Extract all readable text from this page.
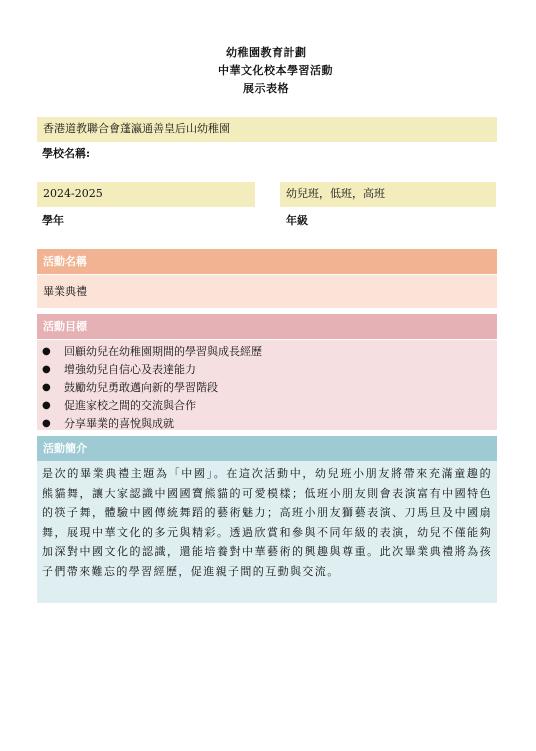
幼稚園教育計劃
中華文化校本學習活動
展示表格
香港道教聯合會蓬瀛通善皇后山幼稚園
學校名稱:
2024-2025
學年
幼兒班，低班，高班
年級
活動名稱
畢業典禮
活動目標
● 回顧幼兒在幼稚園期間的學習與成長經歷
● 增強幼兒自信心及表達能力
● 鼓勵幼兒勇敢邁向新的學習階段
● 促進家校之間的交流與合作
● 分享畢業的喜悅與成就
活動簡介
是次的畢業典禮主題為「中國」。在這次活動中，幼兒班小朋友將帶來充滿童趣的熊貓舞，讓大家認識中國國寶熊貓的可愛模樣；低班小朋友則會表演富有中國特色的筷子舞，體驗中國傳統舞蹈的藝術魅力；高班小朋友獅藝表演、刀馬旦及中國扇舞，展現中華文化的多元與精彩。透過欣賞和參與不同年級的表演，幼兒不僅能夠加深對中國文化的認識，還能培養對中華藝術的興趣與尊重。此次畢業典禮將為孩子們帶來難忘的學習經歷，促進親子間的互動與交流。
